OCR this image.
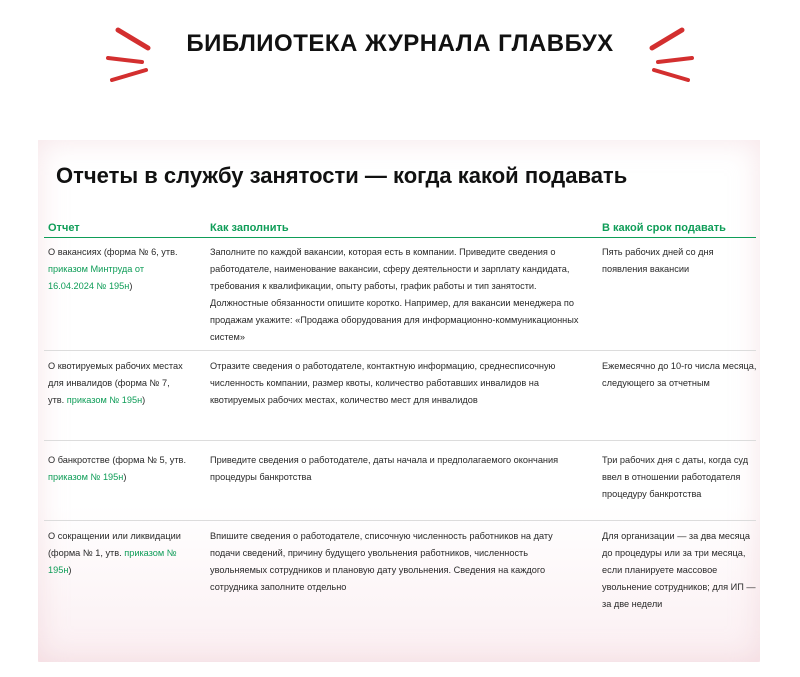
БИБЛИОТЕКА ЖУРНАЛА ГЛАВБУХ
Отчеты в службу занятости — когда какой подавать
Отчет	Как заполнить	В какой срок подавать
О вакансиях (форма № 6, утв. приказом Минтруда от 16.04.2024 № 195н)
Заполните по каждой вакансии, которая есть в компании. Приведите сведения о работодателе, наименование вакансии, сферу деятельности и зарплату кандидата, требования к квалификации, опыту работы, график работы и тип занятости. Должностные обязанности опишите коротко. Например, для вакансии менеджера по продажам укажите: «Продажа оборудования для информационно-коммуникационных систем»
Пять рабочих дней со дня появления вакансии
О квотируемых рабочих местах для инвалидов (форма № 7, утв. приказом № 195н)
Отразите сведения о работодателе, контактную информацию, среднесписочную численность компании, размер квоты, количество работавших инвалидов на квотируемых рабочих местах, количество мест для инвалидов
Ежемесячно до 10-го числа месяца, следующего за отчетным
О банкротстве (форма № 5, утв. приказом № 195н)
Приведите сведения о работодателе, даты начала и предполагаемого окончания процедуры банкротства
Три рабочих дня с даты, когда суд ввел в отношении работодателя процедуру банкротства
О сокращении или ликвидации (форма № 1, утв. приказом № 195н)
Впишите сведения о работодателе, списочную численность работников на дату подачи сведений, причину будущего увольнения работников, численность увольняемых сотрудников и плановую дату увольнения. Сведения на каждого сотрудника заполните отдельно
Для организации — за два месяца до процедуры или за три месяца, если планируете массовое увольнение сотрудников; для ИП — за две недели
